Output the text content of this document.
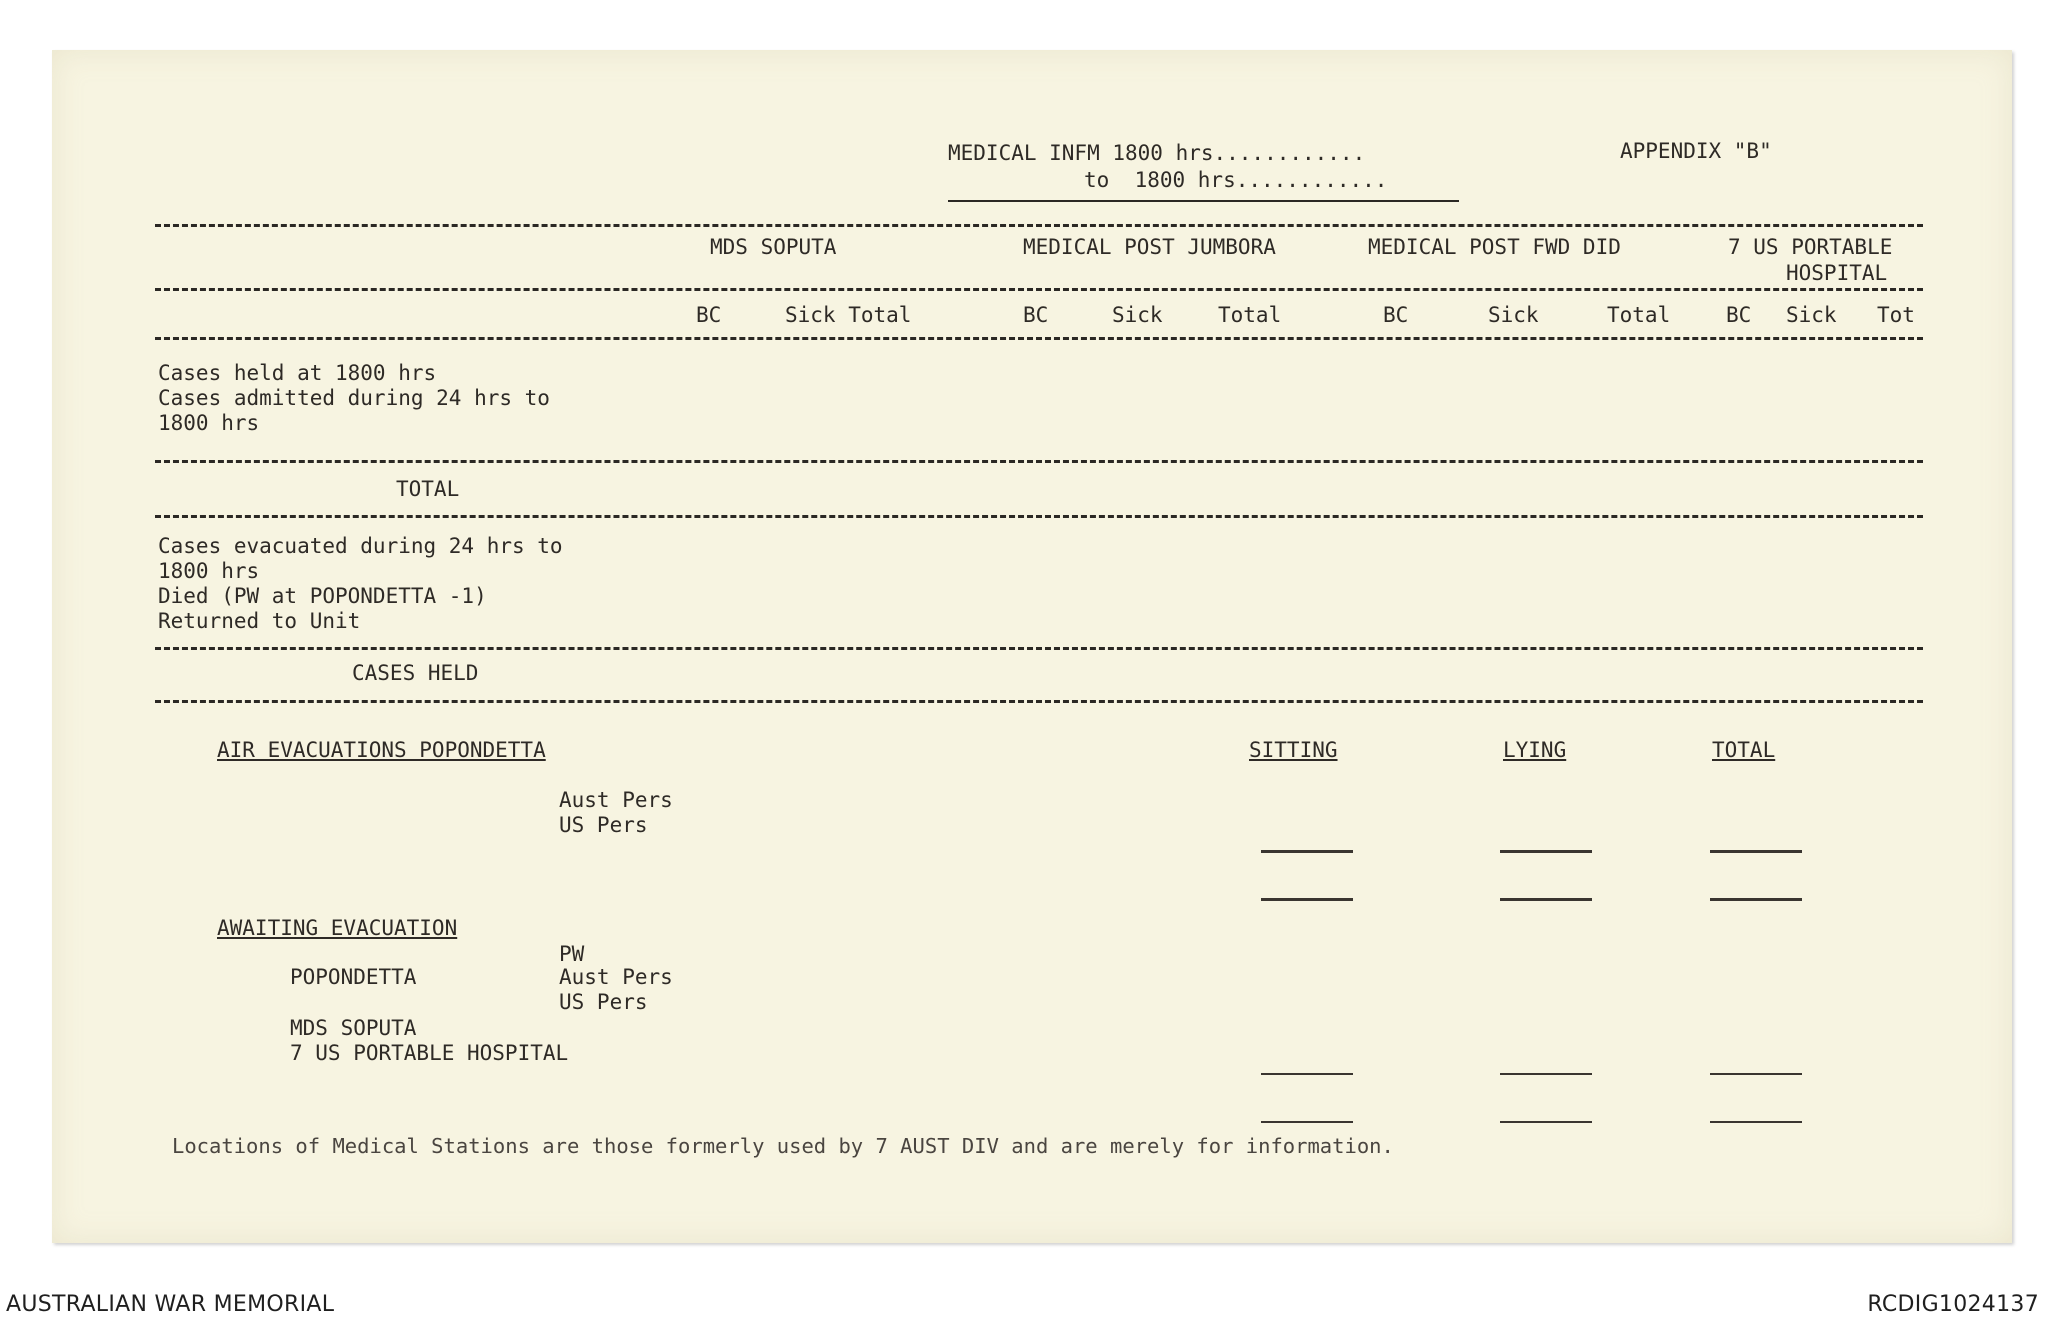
MEDICAL INFM 1800 hrs............
to  1800 hrs............
APPENDIX "B"
MDS SOPUTA	MEDICAL POST JUMBORA	MEDICAL POST FWD DID	7 US PORTABLE
HOSPITAL
BC	Sick Total	BC	Sick	Total	BC	Sick	Total	BC Sick Tot
Cases held at 1800 hrs
Cases admitted during 24 hrs to
1800 hrs
TOTAL
Cases evacuated during 24 hrs to
1800 hrs
Died (PW at POPONDETTA -1)
Returned to Unit
CASES HELD
AIR EVACUATIONS POPONDETTA	SITTING	LYING	TOTAL
Aust Pers
US Pers
AWAITING EVACUATION
PW
POPONDETTA	Aust Pers
US Pers
MDS SOPUTA
7 US PORTABLE HOSPITAL
Locations of Medical Stations are those formerly used by 7 AUST DIV and are merely for information.
AUSTRALIAN WAR MEMORIAL	RCDIG1024137
